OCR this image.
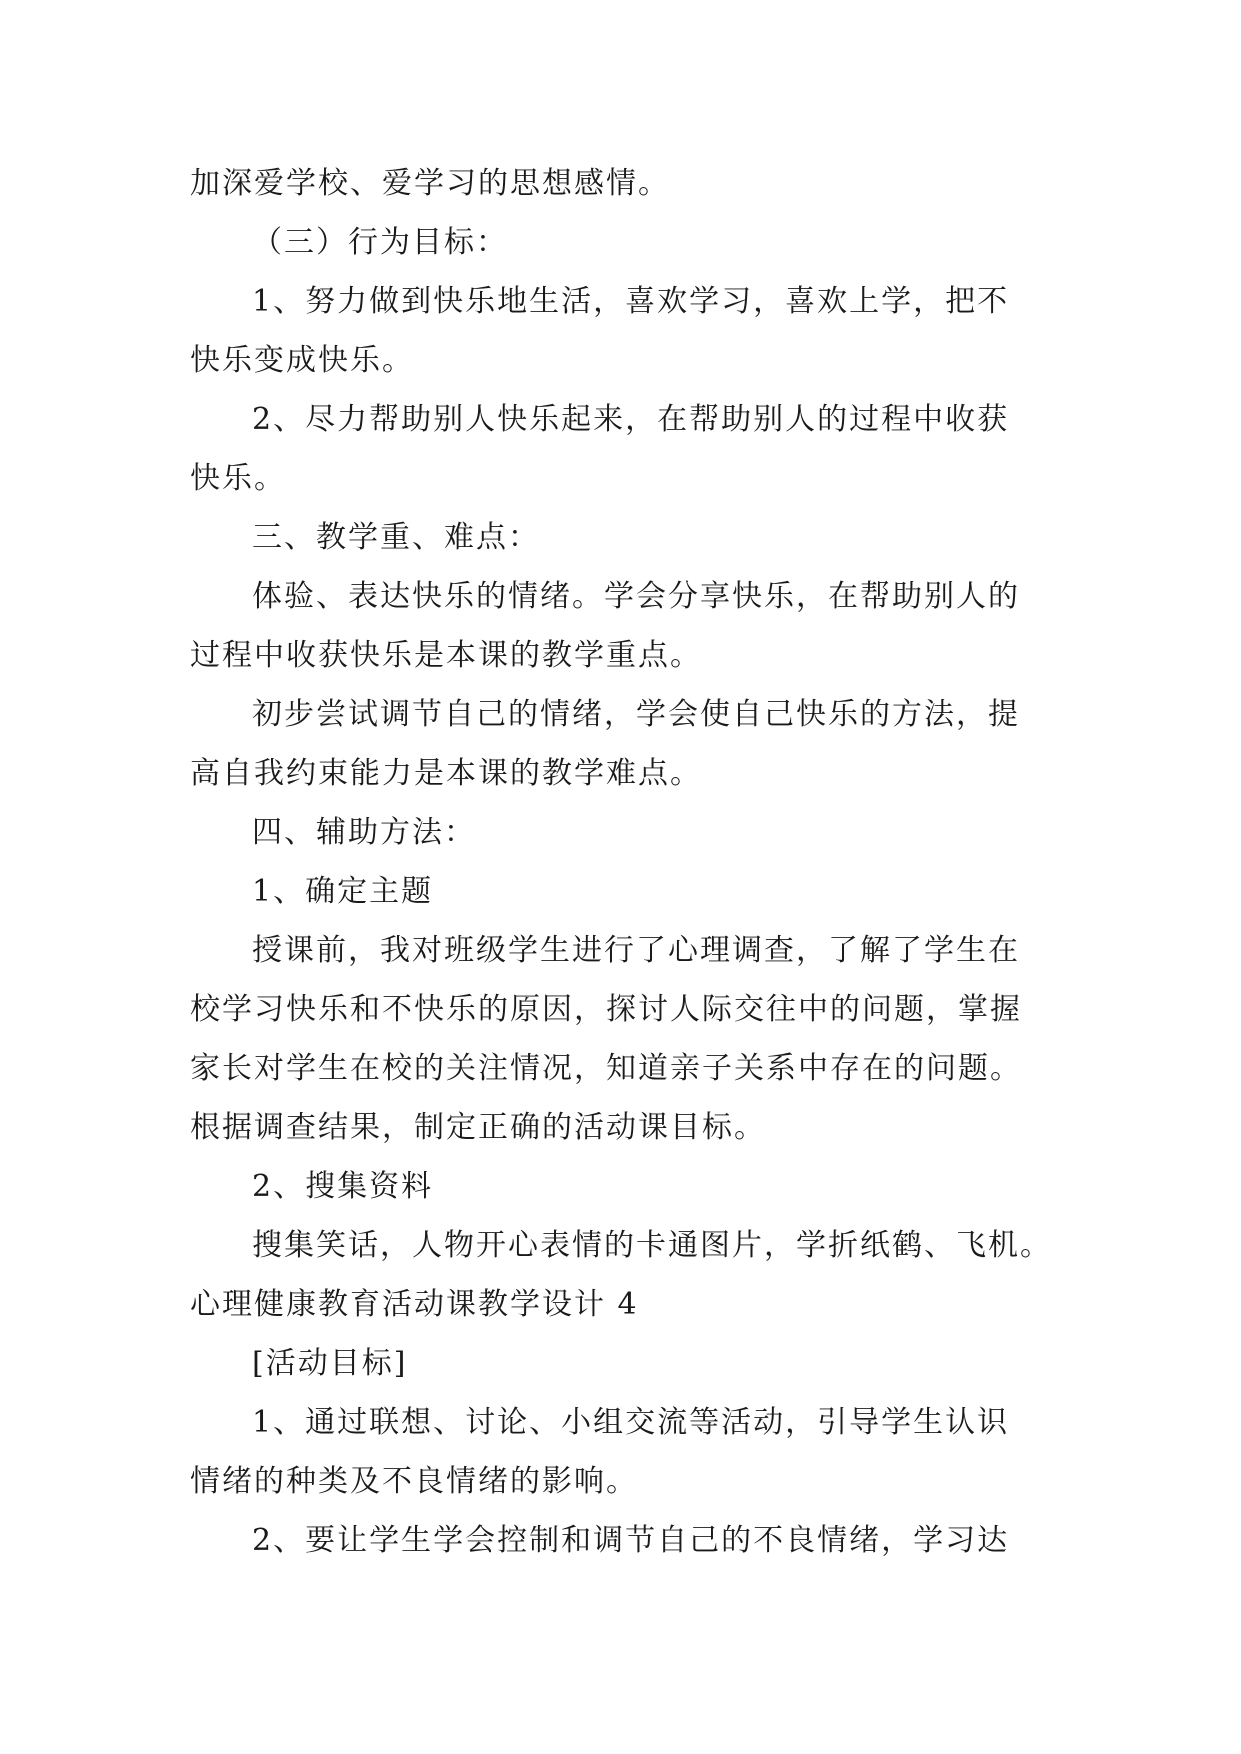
加深爱学校、爱学习的思想感情。
（三）行为目标：
1、努力做到快乐地生活，喜欢学习，喜欢上学，把不
快乐变成快乐。
2、尽力帮助别人快乐起来，在帮助别人的过程中收获
快乐。
三、教学重、难点：
体验、表达快乐的情绪。学会分享快乐，在帮助别人的
过程中收获快乐是本课的教学重点。
初步尝试调节自己的情绪，学会使自己快乐的方法，提
高自我约束能力是本课的教学难点。
四、辅助方法：
1、确定主题
授课前，我对班级学生进行了心理调查，了解了学生在
校学习快乐和不快乐的原因，探讨人际交往中的问题，掌握
家长对学生在校的关注情况，知道亲子关系中存在的问题。
根据调查结果，制定正确的活动课目标。
2、搜集资料
搜集笑话，人物开心表情的卡通图片，学折纸鹤、飞机。
心理健康教育活动课教学设计 4
[活动目标]
1、通过联想、讨论、小组交流等活动，引导学生认识
情绪的种类及不良情绪的影响。
2、要让学生学会控制和调节自己的不良情绪，学习达
